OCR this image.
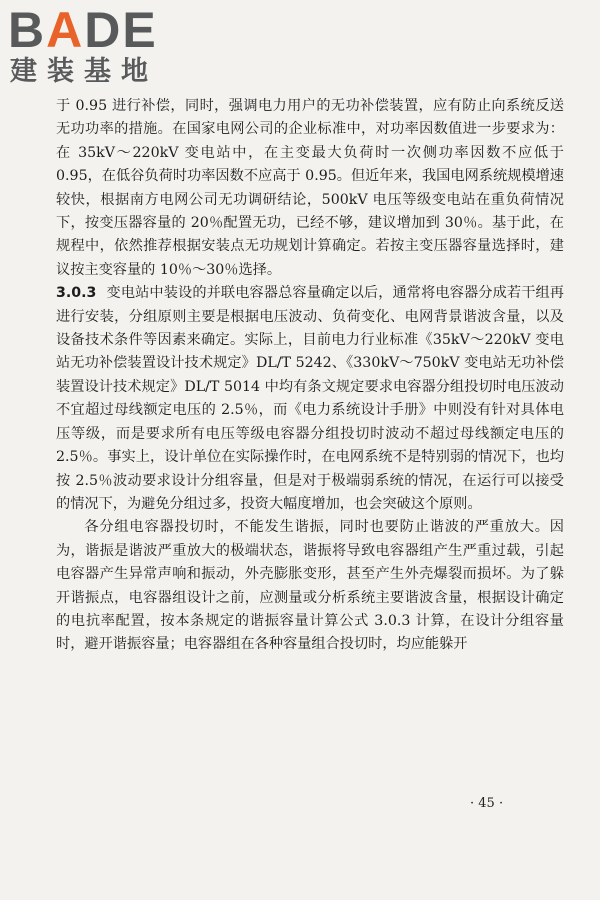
BADE
建装基地

于 0.95 进行补偿，同时，强调电力用户的无功补偿装置，应有防止向系统反送无功功率的措施。在国家电网公司的企业标准中，对功率因数值进一步要求为：在 35kV～220kV 变电站中，在主变最大负荷时一次侧功率因数不应低于 0.95，在低谷负荷时功率因数不应高于 0.95。但近年来，我国电网系统规模增速较快，根据南方电网公司无功调研结论，500kV 电压等级变电站在重负荷情况下，按变压器容量的 20％配置无功，已经不够，建议增加到 30％。基于此，在规程中，依然推荐根据安装点无功规划计算确定。若按主变压器容量选择时，建议按主变容量的 10％～30％选择。

3.0.3 变电站中装设的并联电容器总容量确定以后，通常将电容器分成若干组再进行安装，分组原则主要是根据电压波动、负荷变化、电网背景谐波含量，以及设备技术条件等因素来确定。实际上，目前电力行业标准《35kV～220kV 变电站无功补偿装置设计技术规定》DL/T 5242、《330kV～750kV 变电站无功补偿装置设计技术规定》DL/T 5014 中均有条文规定要求电容器分组投切时电压波动不宜超过母线额定电压的 2.5％，而《电力系统设计手册》中则没有针对具体电压等级，而是要求所有电压等级电容器分组投切时波动不超过母线额定电压的 2.5％。事实上，设计单位在实际操作时，在电网系统不是特别弱的情况下，也均按 2.5％波动要求设计分组容量，但是对于极端弱系统的情况，在运行可以接受的情况下，为避免分组过多，投资大幅度增加，也会突破这个原则。

各分组电容器投切时，不能发生谐振，同时也要防止谐波的严重放大。因为，谐振是谐波严重放大的极端状态，谐振将导致电容器组产生严重过载，引起电容器产生异常声响和振动，外壳膨胀变形，甚至产生外壳爆裂而损坏。为了躲开谐振点，电容器组设计之前，应测量或分析系统主要谐波含量，根据设计确定的电抗率配置，按本条规定的谐振容量计算公式 3.0.3 计算，在设计分组容量时，避开谐振容量；电容器组在各种容量组合投切时，均应能躲开

· 45 ·
